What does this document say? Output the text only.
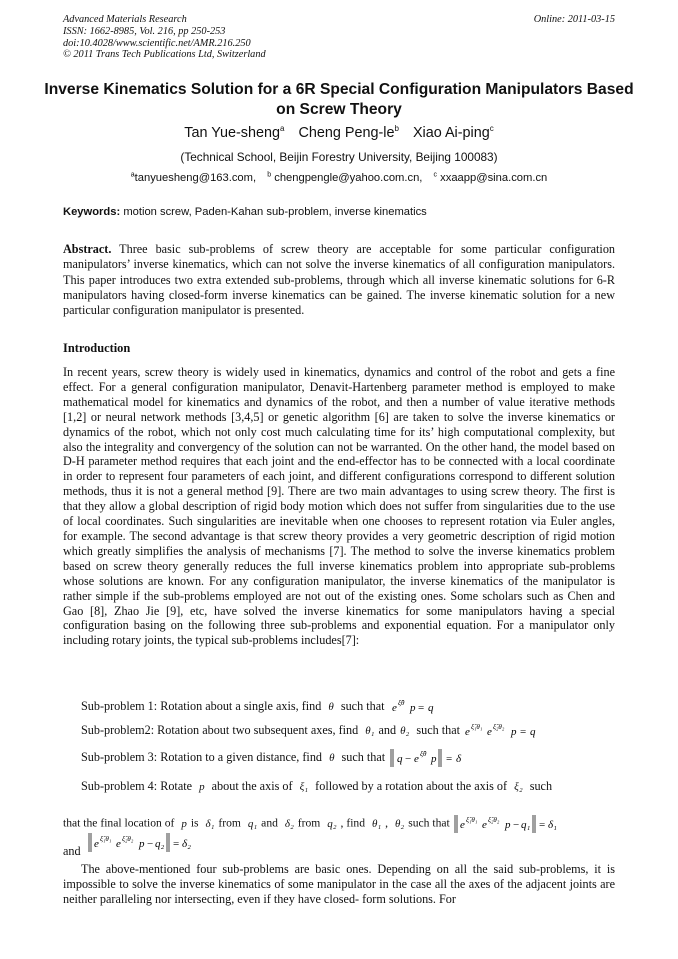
Advanced Materials Research
ISSN: 1662-8985, Vol. 216, pp 250-253
doi:10.4028/www.scientific.net/AMR.216.250
© 2011 Trans Tech Publications Ltd, Switzerland
Online: 2011-03-15
Inverse Kinematics Solution for a 6R Special Configuration Manipulators Based on Screw Theory
Tan Yue-sheng$^a$ Cheng Peng-$le^b$ Xiao Ai-ping$^c$
(Technical School, Beijin Forestry University, Beijing 100083)
$^a$tanyuesheng@163.com, $^b$ chengpengle@yahoo.com.cn, $^c$ xxaapp@sina.com.cn
Keywords: motion screw, Paden-Kahan sub-problem, inverse kinematics
Abstract. Three basic sub-problems of screw theory are acceptable for some particular configuration manipulators’ inverse kinematics, which can not solve the inverse kinematics of all configuration manipulators. This paper introduces two extra extended sub-problems, through which all inverse kinematic solutions for 6-R manipulators having closed-form inverse kinematics can be gained. The inverse kinematic solution for a new particular configuration manipulator is presented.
Introduction
In recent years, screw theory is widely used in kinematics, dynamics and control of the robot and gets a fine effect. For a general configuration manipulator, Denavit-Hartenberg parameter method is employed to make mathematical model for kinematics and dynamics of the robot, and then a number of value iterative methods [1,2] or neural network methods [3,4,5] or genetic algorithm [6] are taken to solve the inverse kinematics or dynamics of the robot, which not only cost much calculating time for its’ high computational complexity, but also the integrality and convergency of the solution can not be warranted. On the other hand, the model based on D-H parameter method requires that each joint and the end-effector has to be connected with a local coordinate in order to represent four parameters of each joint, and different configurations correspond to different solution methods, thus it is not a general method [9]. There are two main advantages to using screw theory. The first is that they allow a global description of rigid body motion which does not suffer from singularities due to the use of local coordinates. Such singularities are inevitable when one chooses to represent rotation via Euler angles, for example. The second advantage is that screw theory provides a very geometric description of rigid motion which greatly simplifies the analysis of mechanisms [7]. The method to solve the inverse kinematics problem based on screw theory generally reduces the full inverse kinematics problem into appropriate sub-problems whose solutions are known. For any configuration manipulator, the inverse kinematics of the manipulator is rather simple if the sub-problems employed are not out of the existing ones. Some scholars such as Chen and Gao [8], Zhao Jie [9], etc, have solved the inverse kinematics for some manipulators having a special configuration basing on the following three sub-problems and exponential equation. For a manipulator only including rotary joints, the typical sub-problems includes[7]:
Sub-problem 1: Rotation about a single axis, find θ such that e ξ̂θ p = q
Sub-problem2: Rotation about two subsequent axes, find θ₁ and θ₂ such that e ξ̂₁θ₁ e ξ̂₂θ₂ p = q
Sub-problem 3: Rotation to a given distance, find θ such that q − e ξ̂θ p = δ
Sub-problem 4: Rotate p about the axis of ξ₁ followed by a rotation about the axis of ξ₂ such
that the final location of p is δ₁ from q₁ and δ₂ from q₂ , find θ₁ , θ₂ such that e ξ̂₁θ₁ e ξ̂₂θ₂ p − q₁ = δ₁
and e ξ̂₁θ₁ e ξ̂₂θ₂ p − q₂ = δ₂
The above-mentioned four sub-problems are basic ones. Depending on all the said sub-problems, it is impossible to solve the inverse kinematics of some manipulator in the case all the axes of the adjacent joints are neither paralleling nor intersecting, even if they have closed- form solutions. For
